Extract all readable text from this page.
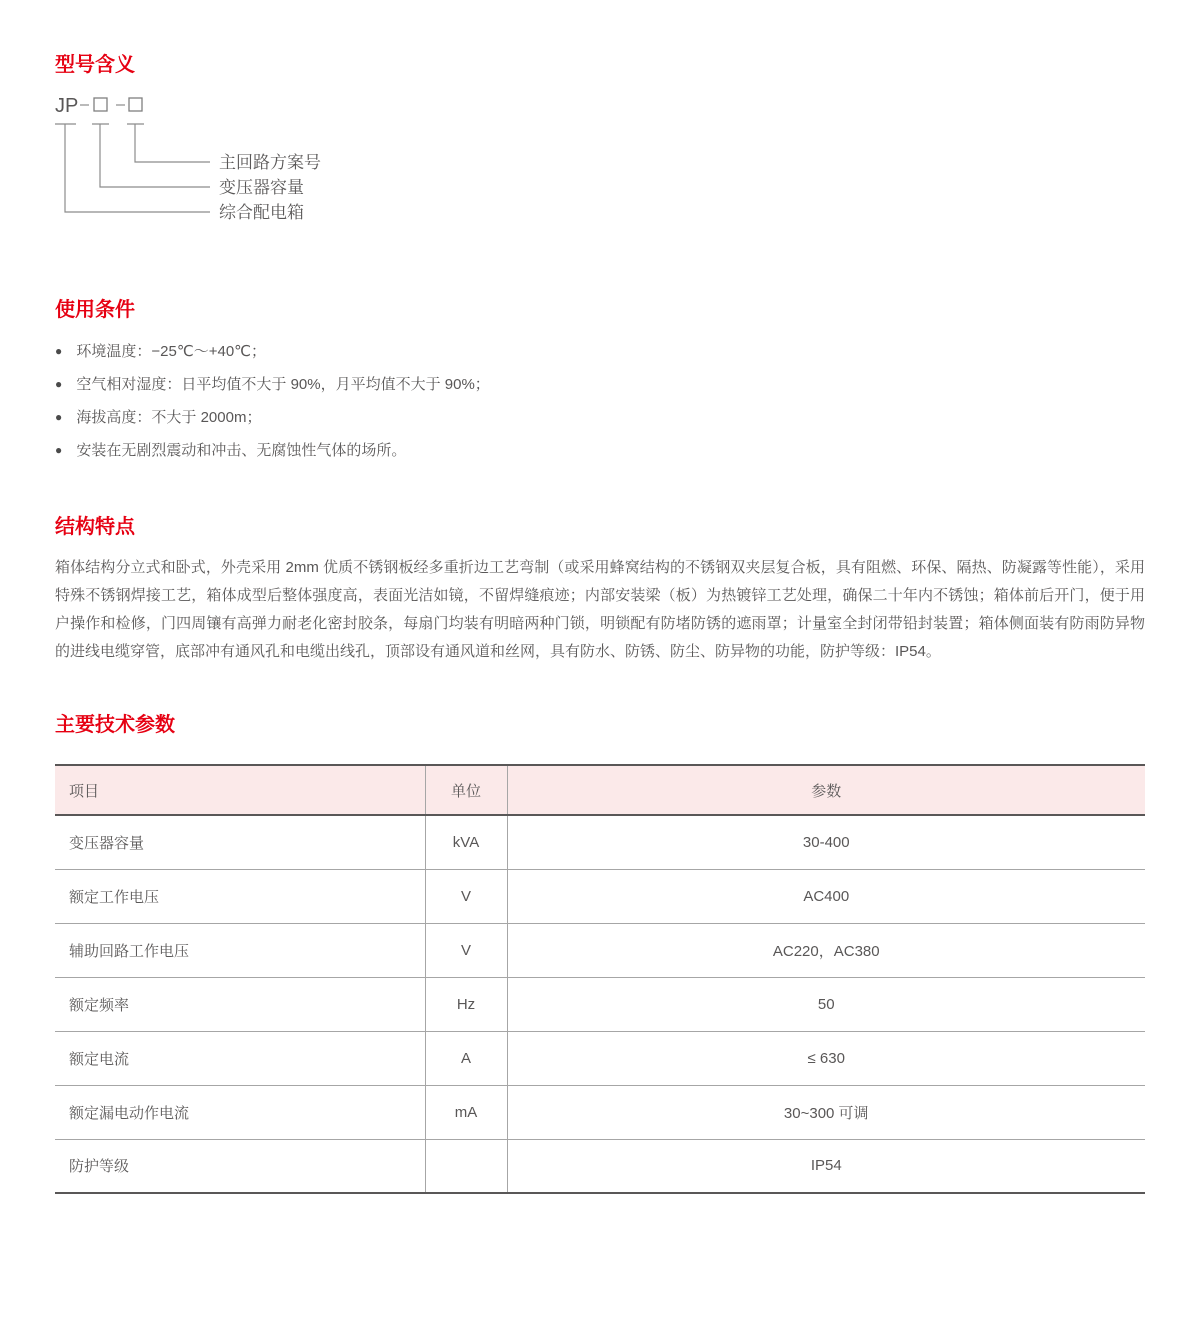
型号含义
JP
主回路方案号
变压器容量
综合配电箱
使用条件
● 环境温度：−25℃～+40℃；
● 空气相对湿度：日平均值不大于 90%，月平均值不大于 90%；
● 海拔高度：不大于 2000m；
● 安装在无剧烈震动和冲击、无腐蚀性气体的场所。
结构特点

箱体结构分立式和卧式，外壳采用 2mm 优质不锈钢板经多重折边工艺弯制（或采用蜂窝结构的不锈钢双夹层复合板，具有阻燃、环保、隔热、防凝露等性能），采用特殊不锈钢焊接工艺，箱体成型后整体强度高，表面光洁如镜，不留焊缝痕迹；内部安装梁（板）为热镀锌工艺处理，确保二十年内不锈蚀；箱体前后开门，便于用户操作和检修，门四周镶有高弹力耐老化密封胶条，每扇门均装有明暗两种门锁，明锁配有防堵防锈的遮雨罩；计量室全封闭带铅封装置；箱体侧面装有防雨防异物的进线电缆穿管，底部冲有通风孔和电缆出线孔，顶部设有通风道和丝网，具有防水、防锈、防尘、防异物的功能，防护等级：IP54。

主要技术参数
项目	单位	参数
变压器容量	kVA	30-400
额定工作电压	V	AC400
辅助回路工作电压	V	AC220，AC380
额定频率	Hz	50
额定电流	A	≤ 630
额定漏电动作电流	mA	30~300 可调
防护等级		IP54
